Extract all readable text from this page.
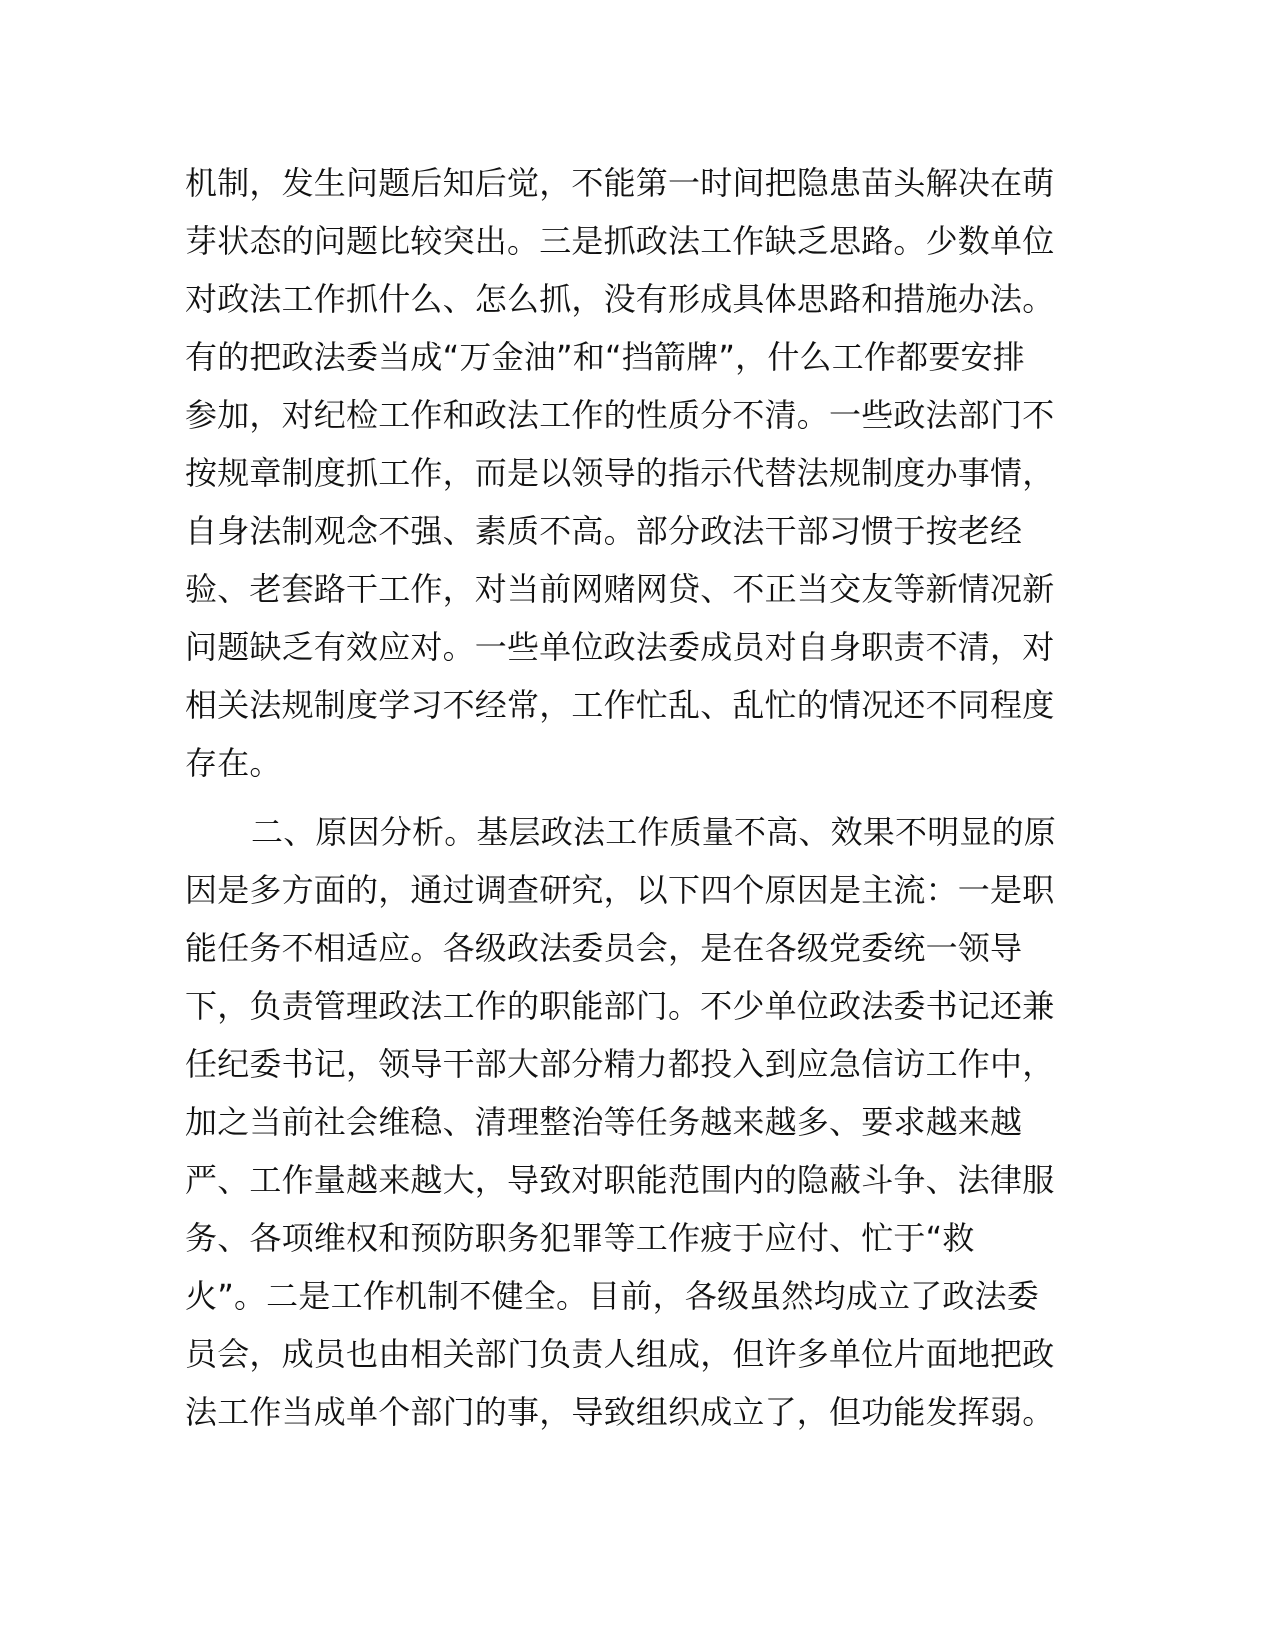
机制，发生问题后知后觉，不能第一时间把隐患苗头解决在萌
芽状态的问题比较突出。三是抓政法工作缺乏思路。少数单位
对政法工作抓什么、怎么抓，没有形成具体思路和措施办法。
有的把政法委当成“万金油”和“挡箭牌”，什么工作都要安排
参加，对纪检工作和政法工作的性质分不清。一些政法部门不
按规章制度抓工作，而是以领导的指示代替法规制度办事情，
自身法制观念不强、素质不高。部分政法干部习惯于按老经
验、老套路干工作，对当前网赌网贷、不正当交友等新情况新
问题缺乏有效应对。一些单位政法委成员对自身职责不清，对
相关法规制度学习不经常，工作忙乱、乱忙的情况还不同程度
存在。
二、原因分析。基层政法工作质量不高、效果不明显的原
因是多方面的，通过调查研究，以下四个原因是主流：一是职
能任务不相适应。各级政法委员会，是在各级党委统一领导
下，负责管理政法工作的职能部门。不少单位政法委书记还兼
任纪委书记，领导干部大部分精力都投入到应急信访工作中，
加之当前社会维稳、清理整治等任务越来越多、要求越来越
严、工作量越来越大，导致对职能范围内的隐蔽斗争、法律服
务、各项维权和预防职务犯罪等工作疲于应付、忙于“救
火”。二是工作机制不健全。目前，各级虽然均成立了政法委
员会，成员也由相关部门负责人组成，但许多单位片面地把政
法工作当成单个部门的事，导致组织成立了，但功能发挥弱。
